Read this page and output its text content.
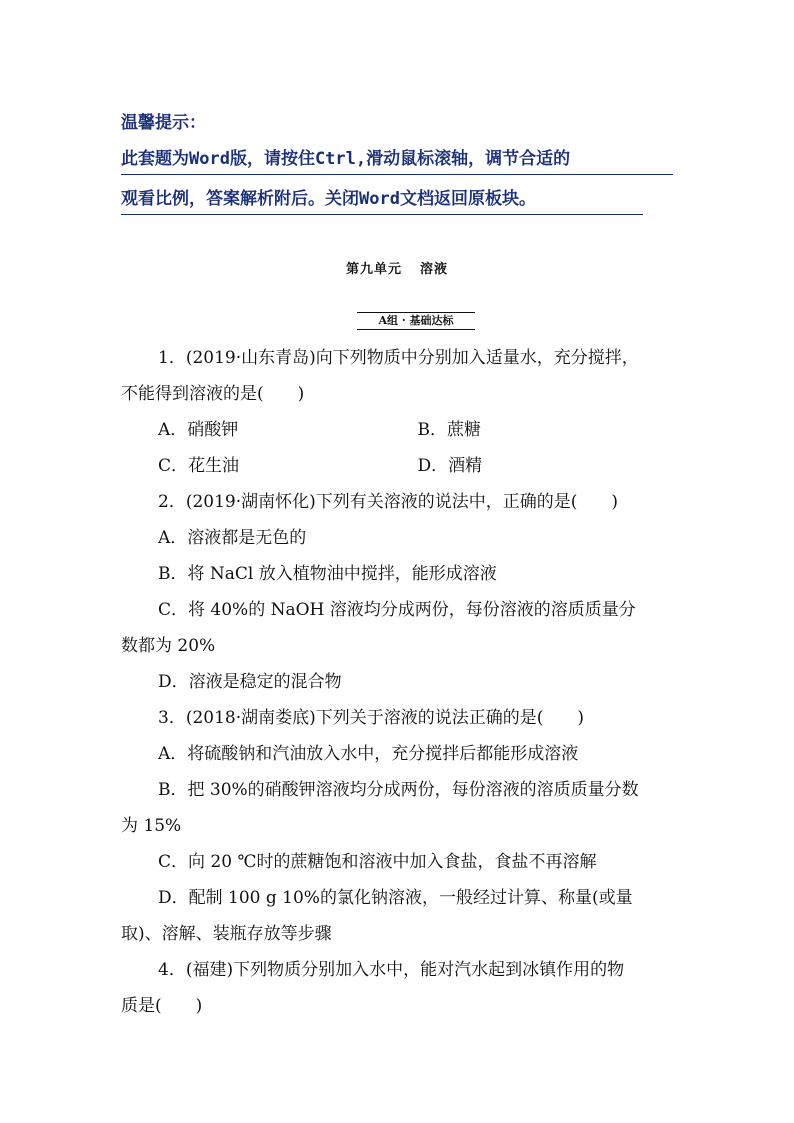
温馨提示：
此套题为Word版，请按住Ctrl,滑动鼠标滚轴，调节合适的
观看比例，答案解析附后。关闭Word文档返回原板块。
第九单元 溶液
A组 · 基础达标

1．(2019·山东青岛)向下列物质中分别加入适量水，充分搅拌，

不能得到溶液的是(　　)

A．硝酸钾	B．蔗糖
C．花生油	D．酒精

2．(2019·湖南怀化)下列有关溶液的说法中，正确的是(　　)

A．溶液都是无色的

B．将 NaCl 放入植物油中搅拌，能形成溶液

C．将 40%的 NaOH 溶液均分成两份，每份溶液的溶质质量分

数都为 20%

D．溶液是稳定的混合物

3．(2018·湖南娄底)下列关于溶液的说法正确的是(　　)

A．将硫酸钠和汽油放入水中，充分搅拌后都能形成溶液

B．把 30%的硝酸钾溶液均分成两份，每份溶液的溶质质量分数

为 15%

C．向 20 ℃时的蔗糖饱和溶液中加入食盐，食盐不再溶解

D．配制 100 g 10%的氯化钠溶液，一般经过计算、称量(或量

取)、溶解、装瓶存放等步骤

4．(福建)下列物质分别加入水中，能对汽水起到冰镇作用的物

质是(　　)
